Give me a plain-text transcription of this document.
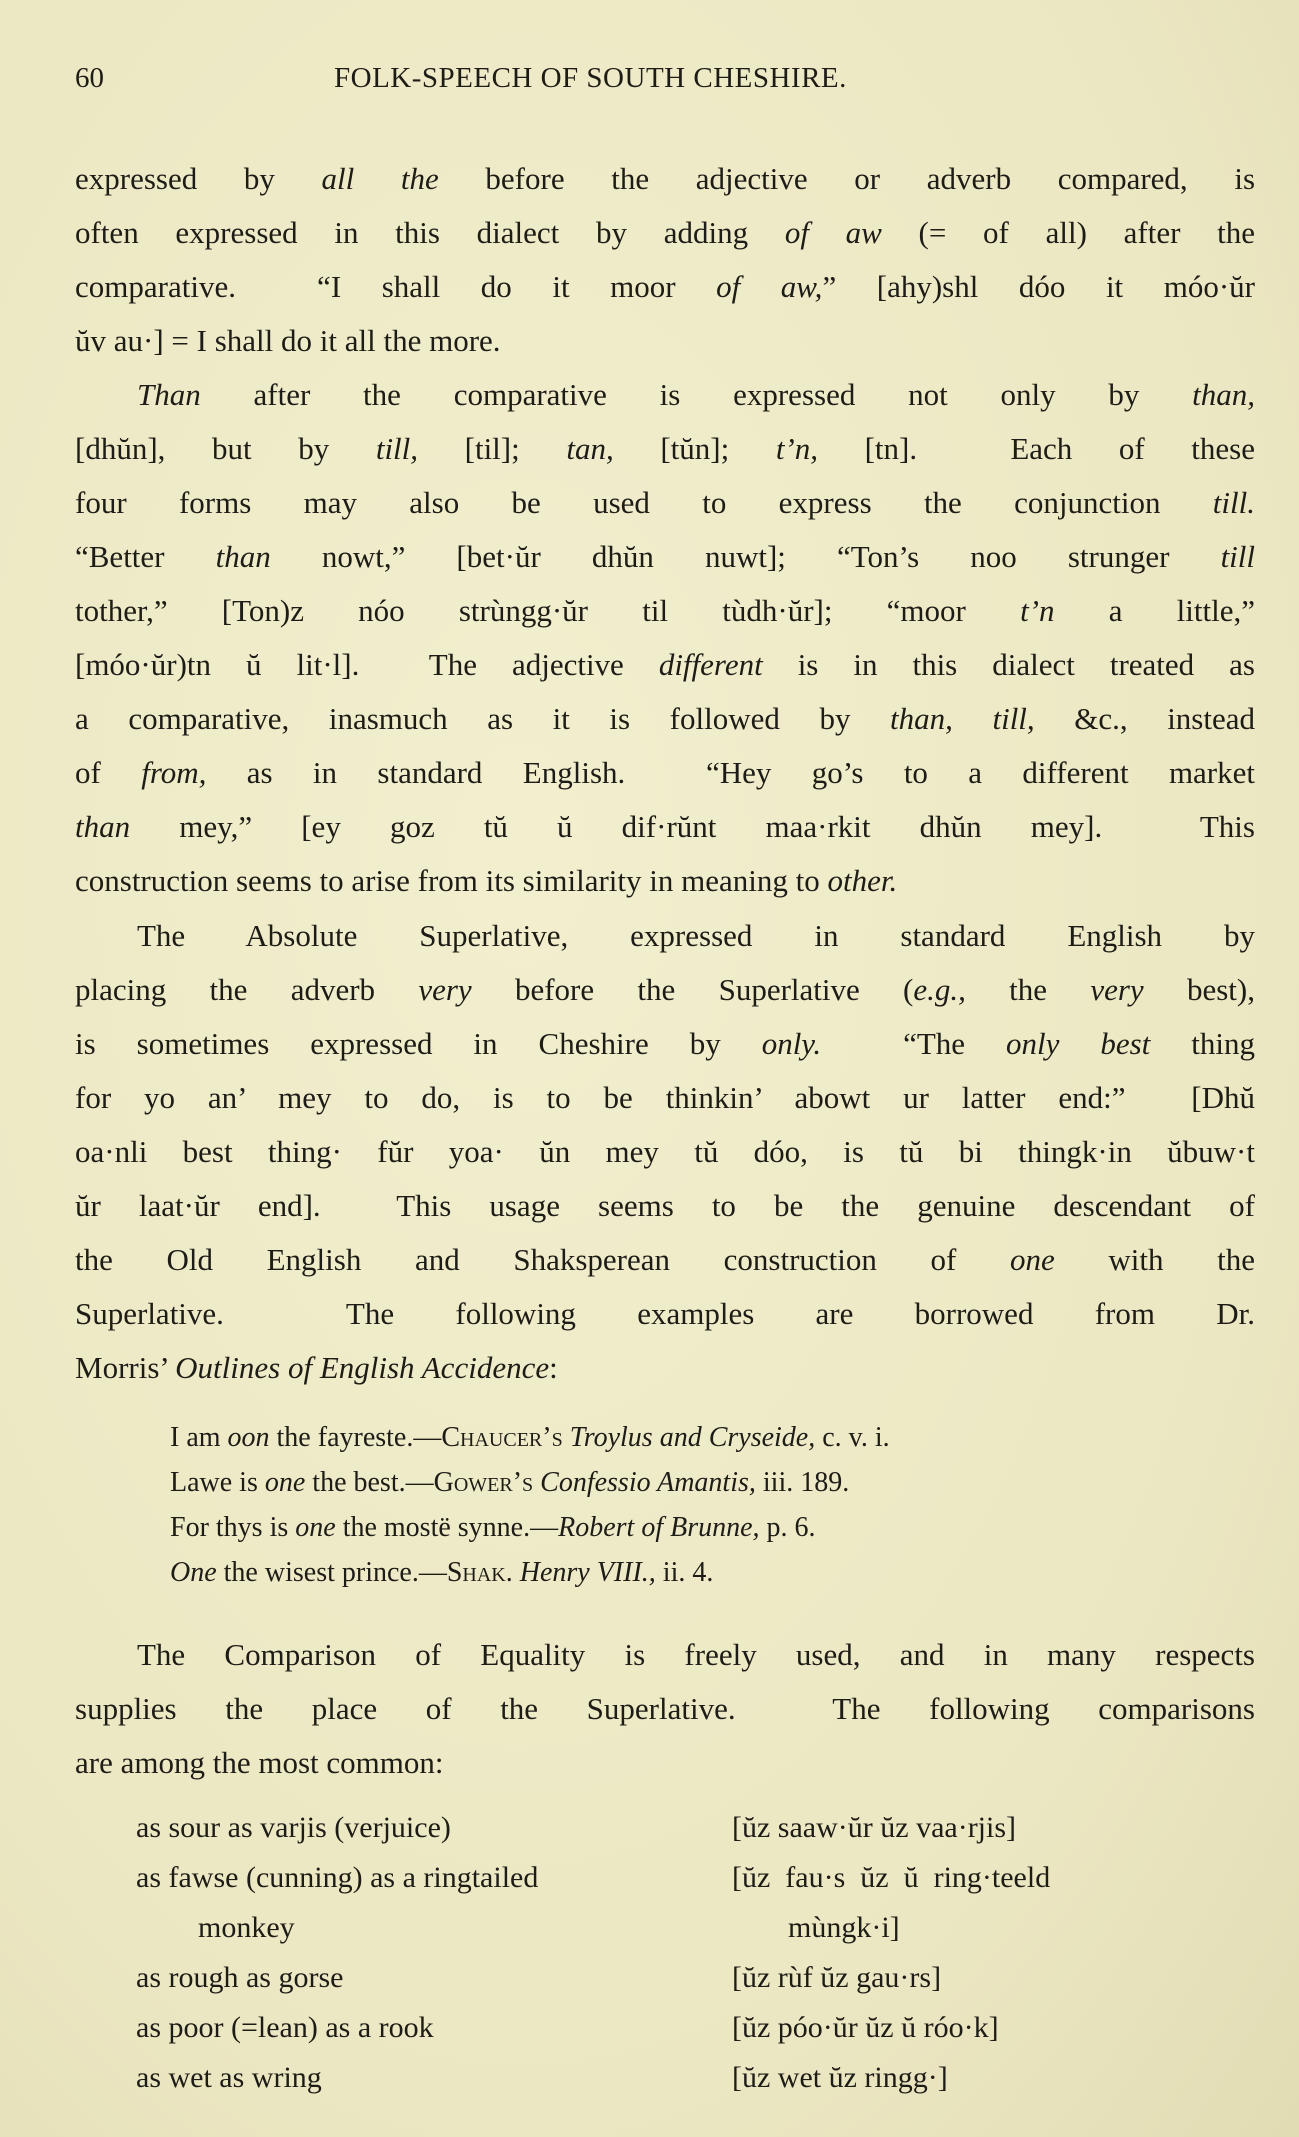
60	FOLK-SPEECH OF SOUTH CHESHIRE.
expressed by all the before the adjective or adverb compared, is
often expressed in this dialect by adding of aw (= of all) after the
comparative.  “I shall do it moor of aw,” [ahy)shl dóo it móo·ŭr
ŭv au·] = I shall do it all the more.
Than after the comparative is expressed not only by than,
[dhŭn], but by till, [til]; tan, [tŭn]; t’n, [tn].  Each of these
four forms may also be used to express the conjunction till.
“Better than nowt,” [bet·ŭr dhŭn nuwt]; “Ton’s noo strunger till
tother,” [Ton)z nóo strùngg·ŭr til tùdh·ŭr]; “moor t’n a little,”
[móo·ŭr)tn ŭ lit·l].  The adjective different is in this dialect treated as
a comparative, inasmuch as it is followed by than, till, &c., instead
of from, as in standard English.  “Hey go’s to a different market
than mey,” [ey goz tŭ ŭ dif·rŭnt maa·rkit dhŭn mey].  This
construction seems to arise from its similarity in meaning to other.
The Absolute Superlative, expressed in standard English by
placing the adverb very before the Superlative (e.g., the very best),
is sometimes expressed in Cheshire by only.  “The only best thing
for yo an’ mey to do, is to be thinkin’ abowt ur latter end:”  [Dhŭ
oa·nli best thing· fŭr yoa· ŭn mey tŭ dóo, is tŭ bi thingk·in ŭbuw·t
ŭr laat·ŭr end].  This usage seems to be the genuine descendant of
the Old English and Shaksperean construction of one with the
Superlative.  The following examples are borrowed from Dr.
Morris’ Outlines of English Accidence:
I am oon the fayreste.—Chaucer’s Troylus and Cryseide, c. v. i.
Lawe is one the best.—Gower’s Confessio Amantis, iii. 189.
For thys is one the mostë synne.—Robert of Brunne, p. 6.
One the wisest prince.—Shak. Henry VIII., ii. 4.
The Comparison of Equality is freely used, and in many respects
supplies the place of the Superlative.  The following comparisons
are among the most common:
as sour as varjis (verjuice)	[ŭz saaw·ŭr ŭz vaa·rjis]
as fawse (cunning) as a ringtailed	[ŭz  fau·s  ŭz  ŭ  ring·teeld
monkey	mùngk·i]
as rough as gorse	[ŭz rùf ŭz gau·rs]
as poor (=lean) as a rook	[ŭz póo·ŭr ŭz ŭ róo·k]
as wet as wring	[ŭz wet ŭz ringg·]
